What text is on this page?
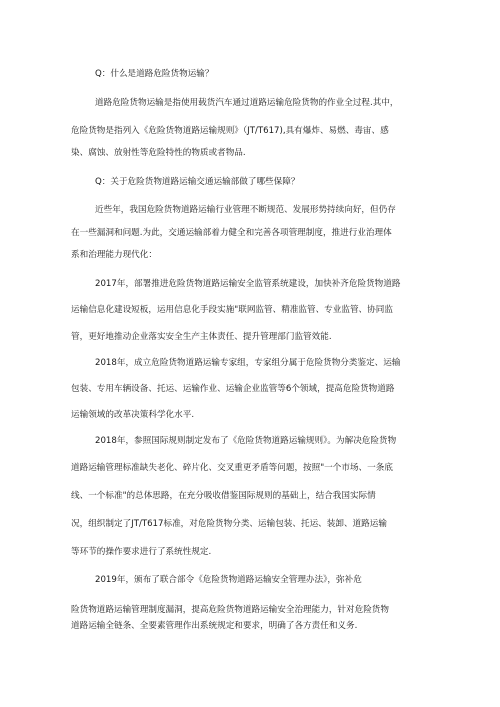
Q：什么是道路危险货物运输？
道路危险货物运输是指使用载货汽车通过道路运输危险货物的作业全过程.其中，
危险货物是指列入《危险货物道路运输规则》（JT/T617),具有爆炸、易燃、毒宙、感
染、腐蚀、放射性等危险特性的物质或者物品.
Q：关于危险货物道路运输交通运输部做了哪些保障？
近些年，我国危险货物道路运输行业管理不断规范、发展形势持续向好，但仍存
在一些漏洞和问题.为此，交通运输部着力健全和完善各项管理制度，推进行业治理体
系和治理能力现代化：
2017年，部署推进危险货物道路运输安全监管系统建设，加快补齐危险货物道路
运输信息化建设短板，运用信息化手段实施"联网监管、精准监管、专业监管、协同监
管，更好地推动企业落实安全生产主体责任、提升管理部门监管效能.
2018年，成立危险货物道路运输专家组，专家组分属于危险货物分类鉴定、运输
包装、专用车辆设备、托运、运输作业、运输企业监管等6个领域，提高危险货物道路
运输领域的改革决策科学化水平.
2018年，参照国际规则制定发布了《危险货物道路运输规则》。为解决危险货物
道路运输管理标准缺失老化、碎片化、交叉重更矛盾等问题，按照"一个市场、一条底
线、一个标准"的总体思路，在充分吸收借鉴国际规则的基础上，结合我国实际情
况，组织制定了JT/T617标准，对危险货物分类、运输包装、托运、装卸、道路运输
等环节的操作要求进行了系统性规定.
2019年，颁布了联合部令《危险货物道路运输安全管理办法》，弥补危
险货物道路运输管理制度漏洞，提高危险货物道路运输安全治理能力，针对危险货物
道路运输全链条、全要素管理作出系统规定和要求，明确了各方责任和义务.
